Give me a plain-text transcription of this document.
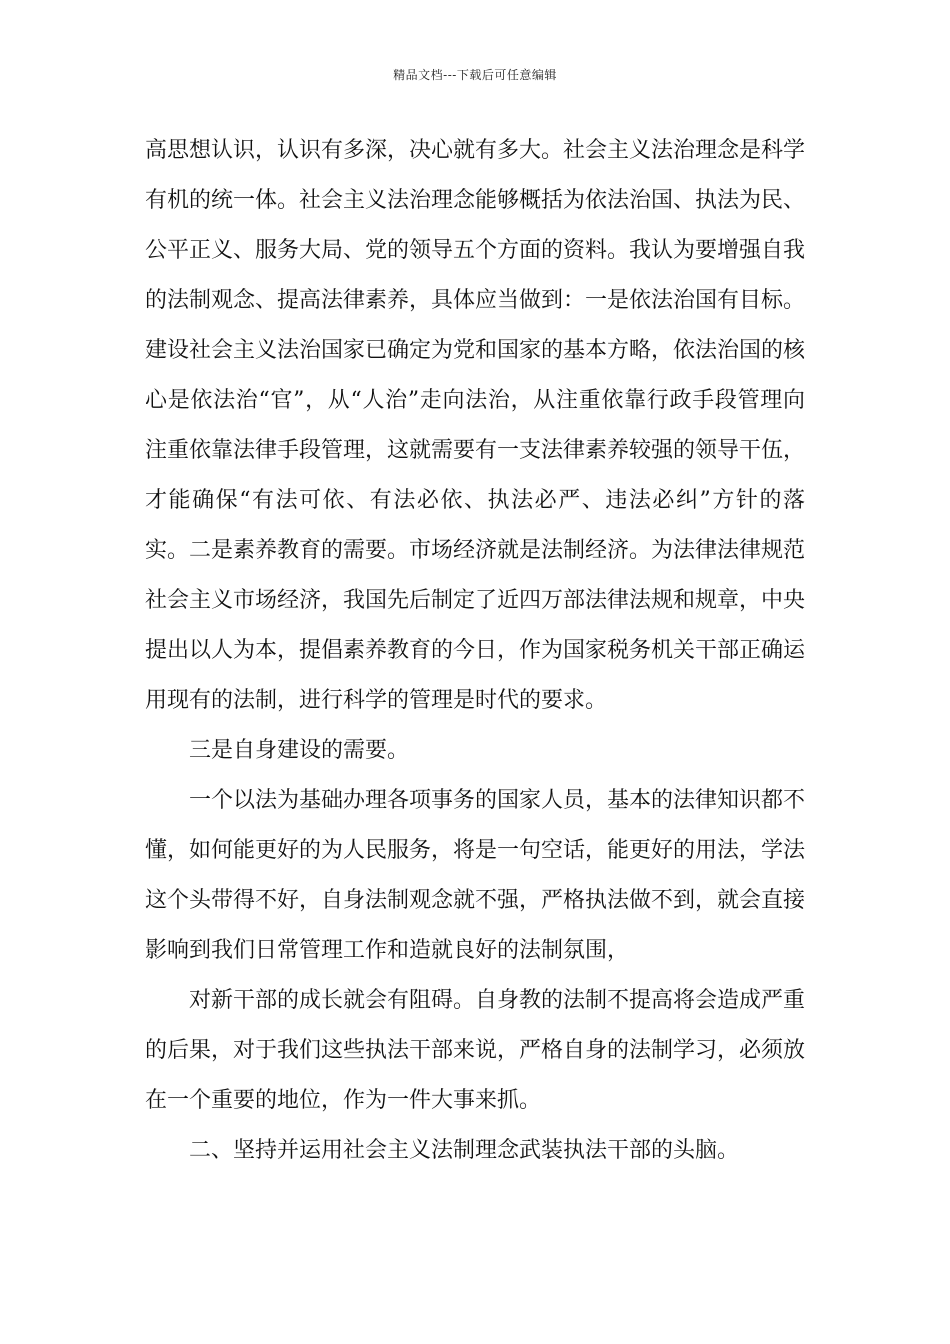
精品文档---下载后可任意编辑

高思想认识，认识有多深，决心就有多大。社会主义法治理念是科学有机的统一体。社会主义法治理念能够概括为依法治国、执法为民、公平正义、服务大局、党的领导五个方面的资料。我认为要增强自我的法制观念、提高法律素养，具体应当做到：一是依法治国有目标。建设社会主义法治国家已确定为党和国家的基本方略，依法治国的核心是依法治“官”，从“人治”走向法治，从注重依靠行政手段管理向注重依靠法律手段管理，这就需要有一支法律素养较强的领导干伍，才能确保“有法可依、有法必依、执法必严、违法必纠”方针的落实。二是素养教育的需要。市场经济就是法制经济。为法律法律规范社会主义市场经济，我国先后制定了近四万部法律法规和规章，中央提出以人为本，提倡素养教育的今日，作为国家税务机关干部正确运用现有的法制，进行科学的管理是时代的要求。

三是自身建设的需要。

一个以法为基础办理各项事务的国家人员，基本的法律知识都不懂，如何能更好的为人民服务，将是一句空话，能更好的用法，学法这个头带得不好，自身法制观念就不强，严格执法做不到，就会直接影响到我们日常管理工作和造就良好的法制氛围，

对新干部的成长就会有阻碍。自身教的法制不提高将会造成严重的后果，对于我们这些执法干部来说，严格自身的法制学习，必须放在一个重要的地位，作为一件大事来抓。

二、坚持并运用社会主义法制理念武装执法干部的头脑。
